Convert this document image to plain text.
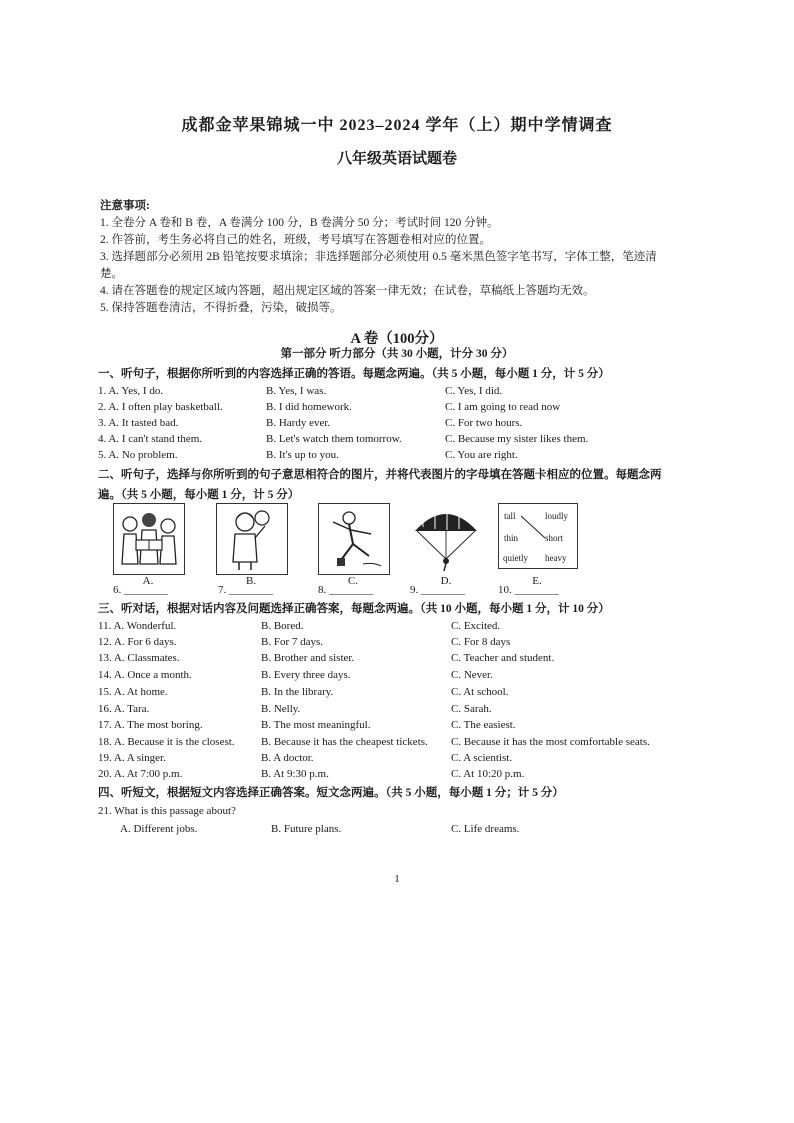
成都金苹果锦城一中 2023–2024 学年（上）期中学情调查
八年级英语试题卷
注意事项:
1. 全卷分 A 卷和 B 卷，A 卷满分 100 分，B 卷满分 50 分；考试时间 120 分钟。
2. 作答前，考生务必将自己的姓名，班级，考号填写在答题卷相对应的位置。
3. 选择题部分必须用 2B 铅笔按要求填涂；非选择题部分必须使用 0.5 毫米黑色签字笔书写，字体工整，笔迹清楚。
4. 请在答题卷的规定区域内答题，超出规定区域的答案一律无效；在试卷，草稿纸上答题均无效。
5. 保持答题卷清洁，不得折叠，污染，破损等。
A 卷（100分）
第一部分 听力部分（共 30 小题，计分 30 分）
一、听句子，根据你所听到的内容选择正确的答语。每题念两遍。（共 5 小题，每小题 1 分，计 5 分）
1. A. Yes, I do.	B. Yes, I was.	C. Yes, I did.
2. A. I often play basketball.	B. I did homework.	C. I am going to read now
3. A. It tasted bad.	B. Hardy ever.	C. For two hours.
4. A. I can't stand them.	B. Let's watch them tomorrow.	C. Because my sister likes them.
5. A. No problem.	B. It's up to you.	C. You are right.
二、听句子，选择与你所听到的句子意思相符合的图片，并将代表图片的字母填在答题卡相应的位置。每题念两
遍。（共 5 小题，每小题 1 分，计 5 分）
A.	B.	C.	D.
tall	loudly
thin	short
quietly heavy
E.
6. ________	7. ________	8. ________	9. ________	10. ________
三、听对话，根据对话内容及问题选择正确答案，每题念两遍。（共 10 小题，每小题 1 分，计 10 分）
11. A. Wonderful.	B. Bored.	C. Excited.
12. A. For 6 days.	B. For 7 days.	C. For 8 days
13. A. Classmates.	B. Brother and sister.	C. Teacher and student.
14. A. Once a month.	B. Every three days.	C. Never.
15. A. At home.	B. In the library.	C. At school.
16. A. Tara.	B. Nelly.	C. Sarah.
17. A. The most boring.	B. The most meaningful.	C. The easiest.
18. A. Because it is the closest. B. Because it has the cheapest tickets. C. Because it has the most comfortable seats.
19. A. A singer.	B. A doctor.	C. A scientist.
20. A. At 7:00 p.m.	B. At 9:30 p.m.	C. At 10:20 p.m.
四、听短文，根据短文内容选择正确答案。短文念两遍。（共 5 小题，每小题 1 分；计 5 分）
21. What is this passage about?
A. Different jobs.	B. Future plans.	C. Life dreams.
1
